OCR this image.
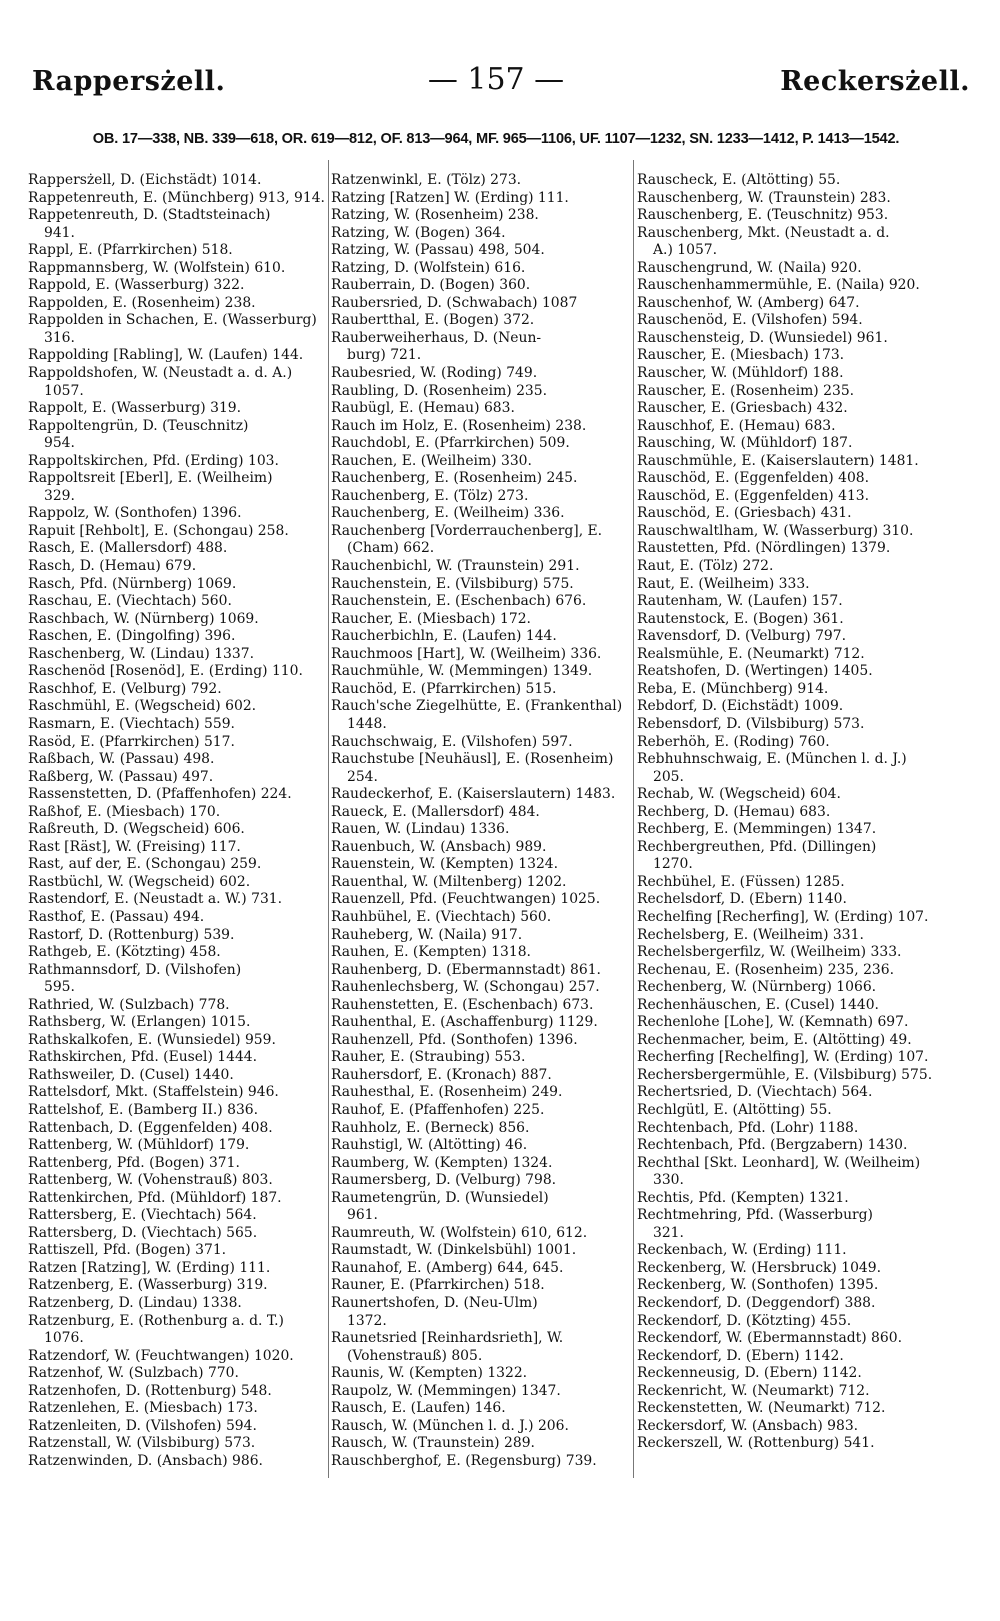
Rappersżell.	— 157 —	Reckersżell.
OB. 17—338, NB. 339—618, OR. 619—812, OF. 813—964, MF. 965—1106, UF. 1107—1232, SN. 1233—1412, P. 1413—1542.
Rappersżell, D. (Eichstädt) 1014.
Rappetenreuth, E. (Münchberg) 913, 914.
Rappetenreuth, D. (Stadtsteinach)
941.
Rappl, E. (Pfarrkirchen) 518.
Rappmannsberg, W. (Wolfstein) 610.
Rappold, E. (Wasserburg) 322.
Rappolden, E. (Rosenheim) 238.
Rappolden in Schachen, E. (Wasserburg)
316.
Rappolding [Rabling], W. (Laufen) 144.
Rappoldshofen, W. (Neustadt a. d. A.)
1057.
Rappolt, E. (Wasserburg) 319.
Rappoltengrün, D. (Teuschnitz)
954.
Rappoltskirchen, Pfd. (Erding) 103.
Rappoltsreit [Eberl], E. (Weilheim)
329.
Rappolz, W. (Sonthofen) 1396.
Rapuit [Rehbolt], E. (Schongau) 258.
Rasch, E. (Mallersdorf) 488.
Rasch, D. (Hemau) 679.
Rasch, Pfd. (Nürnberg) 1069.
Raschau, E. (Viechtach) 560.
Raschbach, W. (Nürnberg) 1069.
Raschen, E. (Dingolfing) 396.
Raschenberg, W. (Lindau) 1337.
Raschenöd [Rosenöd], E. (Erding) 110.
Raschhof, E. (Velburg) 792.
Raschmühl, E. (Wegscheid) 602.
Rasmarn, E. (Viechtach) 559.
Rasöd, E. (Pfarrkirchen) 517.
Raßbach, W. (Passau) 498.
Raßberg, W. (Passau) 497.
Rassenstetten, D. (Pfaffenhofen) 224.
Raßhof, E. (Miesbach) 170.
Raßreuth, D. (Wegscheid) 606.
Rast [Räst], W. (Freising) 117.
Rast, auf der, E. (Schongau) 259.
Rastbüchl, W. (Wegscheid) 602.
Rastendorf, E. (Neustadt a. W.) 731.
Rasthof, E. (Passau) 494.
Rastorf, D. (Rottenburg) 539.
Rathgeb, E. (Kötzting) 458.
Rathmannsdorf, D. (Vilshofen)
595.
Rathried, W. (Sulzbach) 778.
Rathsberg, W. (Erlangen) 1015.
Rathskalkofen, E. (Wunsiedel) 959.
Rathskirchen, Pfd. (Eusel) 1444.
Rathsweiler, D. (Cusel) 1440.
Rattelsdorf, Mkt. (Staffelstein) 946.
Rattelshof, E. (Bamberg II.) 836.
Rattenbach, D. (Eggenfelden) 408.
Rattenberg, W. (Mühldorf) 179.
Rattenberg, Pfd. (Bogen) 371.
Rattenberg, W. (Vohenstrauß) 803.
Rattenkirchen, Pfd. (Mühldorf) 187.
Rattersberg, E. (Viechtach) 564.
Rattersberg, D. (Viechtach) 565.
Rattiszell, Pfd. (Bogen) 371.
Ratzen [Ratzing], W. (Erding) 111.
Ratzenberg, E. (Wasserburg) 319.
Ratzenberg, D. (Lindau) 1338.
Ratzenburg, E. (Rothenburg a. d. T.)
1076.
Ratzendorf, W. (Feuchtwangen) 1020.
Ratzenhof, W. (Sulzbach) 770.
Ratzenhofen, D. (Rottenburg) 548.
Ratzenlehen, E. (Miesbach) 173.
Ratzenleiten, D. (Vilshofen) 594.
Ratzenstall, W. (Vilsbiburg) 573.
Ratzenwinden, D. (Ansbach) 986.
Ratzenwinkl, E. (Tölz) 273.
Ratzing [Ratzen] W. (Erding) 111.
Ratzing, W. (Rosenheim) 238.
Ratzing, W. (Bogen) 364.
Ratzing, W. (Passau) 498, 504.
Ratzing, D. (Wolfstein) 616.
Rauberrain, D. (Bogen) 360.
Raubersried, D. (Schwabach) 1087
Raubertthal, E. (Bogen) 372.
Rauberweiherhaus, D. (Neun-
burg) 721.
Raubesried, W. (Roding) 749.
Raubling, D. (Rosenheim) 235.
Raubügl, E. (Hemau) 683.
Rauch im Holz, E. (Rosenheim) 238.
Rauchdobl, E. (Pfarrkirchen) 509.
Rauchen, E. (Weilheim) 330.
Rauchenberg, E. (Rosenheim) 245.
Rauchenberg, E. (Tölz) 273.
Rauchenberg, E. (Weilheim) 336.
Rauchenberg [Vorderrauchenberg], E.
(Cham) 662.
Rauchenbichl, W. (Traunstein) 291.
Rauchenstein, E. (Vilsbiburg) 575.
Rauchenstein, E. (Eschenbach) 676.
Raucher, E. (Miesbach) 172.
Raucherbichln, E. (Laufen) 144.
Rauchmoos [Hart], W. (Weilheim) 336.
Rauchmühle, W. (Memmingen) 1349.
Rauchöd, E. (Pfarrkirchen) 515.
Rauch'sche Ziegelhütte, E. (Frankenthal)
1448.
Rauchschwaig, E. (Vilshofen) 597.
Rauchstube [Neuhäusl], E. (Rosenheim)
254.
Raudeckerhof, E. (Kaiserslautern) 1483.
Raueck, E. (Mallersdorf) 484.
Rauen, W. (Lindau) 1336.
Rauenbuch, W. (Ansbach) 989.
Rauenstein, W. (Kempten) 1324.
Rauenthal, W. (Miltenberg) 1202.
Rauenzell, Pfd. (Feuchtwangen) 1025.
Rauhbühel, E. (Viechtach) 560.
Rauheberg, W. (Naila) 917.
Rauhen, E. (Kempten) 1318.
Rauhenberg, D. (Ebermannstadt) 861.
Rauhenlechsberg, W. (Schongau) 257.
Rauhenstetten, E. (Eschenbach) 673.
Rauhenthal, E. (Aschaffenburg) 1129.
Rauhenzell, Pfd. (Sonthofen) 1396.
Rauher, E. (Straubing) 553.
Rauhersdorf, E. (Kronach) 887.
Rauhesthal, E. (Rosenheim) 249.
Rauhof, E. (Pfaffenhofen) 225.
Rauhholz, E. (Berneck) 856.
Rauhstigl, W. (Altötting) 46.
Raumberg, W. (Kempten) 1324.
Raumersberg, D. (Velburg) 798.
Raumetengrün, D. (Wunsiedel)
961.
Raumreuth, W. (Wolfstein) 610, 612.
Raumstadt, W. (Dinkelsbühl) 1001.
Raunahof, E. (Amberg) 644, 645.
Rauner, E. (Pfarrkirchen) 518.
Raunertshofen, D. (Neu-Ulm)
1372.
Raunetsried [Reinhardsrieth], W.
(Vohenstrauß) 805.
Raunis, W. (Kempten) 1322.
Raupolz, W. (Memmingen) 1347.
Rausch, E. (Laufen) 146.
Rausch, W. (München l. d. J.) 206.
Rausch, W. (Traunstein) 289.
Rauschberghof, E. (Regensburg) 739.
Rauscheck, E. (Altötting) 55.
Rauschenberg, W. (Traunstein) 283.
Rauschenberg, E. (Teuschnitz) 953.
Rauschenberg, Mkt. (Neustadt a. d.
A.) 1057.
Rauschengrund, W. (Naila) 920.
Rauschenhammermühle, E. (Naila) 920.
Rauschenhof, W. (Amberg) 647.
Rauschenöd, E. (Vilshofen) 594.
Rauschensteig, D. (Wunsiedel) 961.
Rauscher, E. (Miesbach) 173.
Rauscher, W. (Mühldorf) 188.
Rauscher, E. (Rosenheim) 235.
Rauscher, E. (Griesbach) 432.
Rauschhof, E. (Hemau) 683.
Rausching, W. (Mühldorf) 187.
Rauschmühle, E. (Kaiserslautern) 1481.
Rauschöd, E. (Eggenfelden) 408.
Rauschöd, E. (Eggenfelden) 413.
Rauschöd, E. (Griesbach) 431.
Rauschwaltlham, W. (Wasserburg) 310.
Raustetten, Pfd. (Nördlingen) 1379.
Raut, E. (Tölz) 272.
Raut, E. (Weilheim) 333.
Rautenham, W. (Laufen) 157.
Rautenstock, E. (Bogen) 361.
Ravensdorf, D. (Velburg) 797.
Realsmühle, E. (Neumarkt) 712.
Reatshofen, D. (Wertingen) 1405.
Reba, E. (Münchberg) 914.
Rebdorf, D. (Eichstädt) 1009.
Rebensdorf, D. (Vilsbiburg) 573.
Reberhöh, E. (Roding) 760.
Rebhuhnschwaig, E. (München l. d. J.)
205.
Rechab, W. (Wegscheid) 604.
Rechberg, D. (Hemau) 683.
Rechberg, E. (Memmingen) 1347.
Rechbergreuthen, Pfd. (Dillingen)
1270.
Rechbühel, E. (Füssen) 1285.
Rechelsdorf, D. (Ebern) 1140.
Rechelfing [Recherfing], W. (Erding) 107.
Rechelsberg, E. (Weilheim) 331.
Rechelsbergerfilz, W. (Weilheim) 333.
Rechenau, E. (Rosenheim) 235, 236.
Rechenberg, W. (Nürnberg) 1066.
Rechenhäuschen, E. (Cusel) 1440.
Rechenlohe [Lohe], W. (Kemnath) 697.
Rechenmacher, beim, E. (Altötting) 49.
Recherfing [Rechelfing], W. (Erding) 107.
Rechersbergermühle, E. (Vilsbiburg) 575.
Rechertsried, D. (Viechtach) 564.
Rechlgütl, E. (Altötting) 55.
Rechtenbach, Pfd. (Lohr) 1188.
Rechtenbach, Pfd. (Bergzabern) 1430.
Rechthal [Skt. Leonhard], W. (Weilheim)
330.
Rechtis, Pfd. (Kempten) 1321.
Rechtmehring, Pfd. (Wasserburg)
321.
Reckenbach, W. (Erding) 111.
Reckenberg, W. (Hersbruck) 1049.
Reckenberg, W. (Sonthofen) 1395.
Reckendorf, D. (Deggendorf) 388.
Reckendorf, D. (Kötzting) 455.
Reckendorf, W. (Ebermannstadt) 860.
Reckendorf, D. (Ebern) 1142.
Reckenneusig, D. (Ebern) 1142.
Reckenricht, W. (Neumarkt) 712.
Reckenstetten, W. (Neumarkt) 712.
Reckersdorf, W. (Ansbach) 983.
Reckerszell, W. (Rottenburg) 541.
